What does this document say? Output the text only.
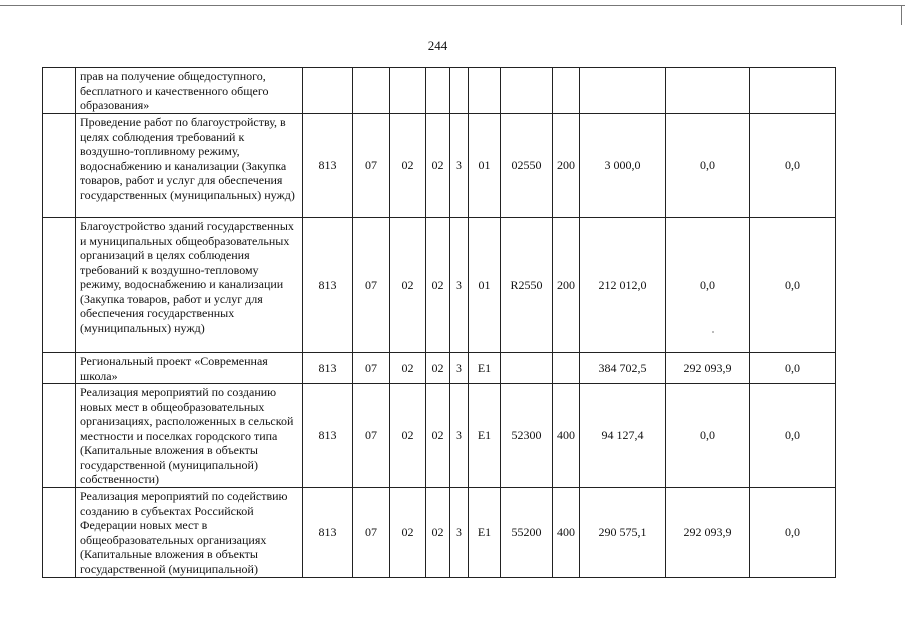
244
	прав на получение общедоступного, бесплатного и качественного общего образования»											
	Проведение работ по благоустройству, в целях соблюдения требований к воздушно-топливному режиму, водоснабжению и канализации (Закупка товаров, работ и услуг для обеспечения государственных (муниципальных) нужд)	813	07	02	02	3	01	02550	200	3 000,0	0,0	0,0
	Благоустройство зданий государственных и муниципальных общеобразовательных организаций в целях соблюдения требований к воздушно-тепловому режиму, водоснабжению и канализации (Закупка товаров, работ и услуг для обеспечения государственных (муниципальных) нужд)	813	07	02	02	3	01	R2550	200	212 012,0	0,0	0,0
	Региональный проект «Современная школа»	813	07	02	02	3	E1			384 702,5	292 093,9	0,0
	Реализация мероприятий по созданию новых мест в общеобразовательных организациях, расположенных в сельской местности и поселках городского типа (Капитальные вложения в объекты государственной (муниципальной) собственности)	813	07	02	02	3	E1	52300	400	94 127,4	0,0	0,0
	Реализация мероприятий по содействию созданию в субъектах Российской Федерации новых мест в общеобразовательных организациях (Капитальные вложения в объекты государственной (муниципальной)	813	07	02	02	3	E1	55200	400	290 575,1	292 093,9	0,0
